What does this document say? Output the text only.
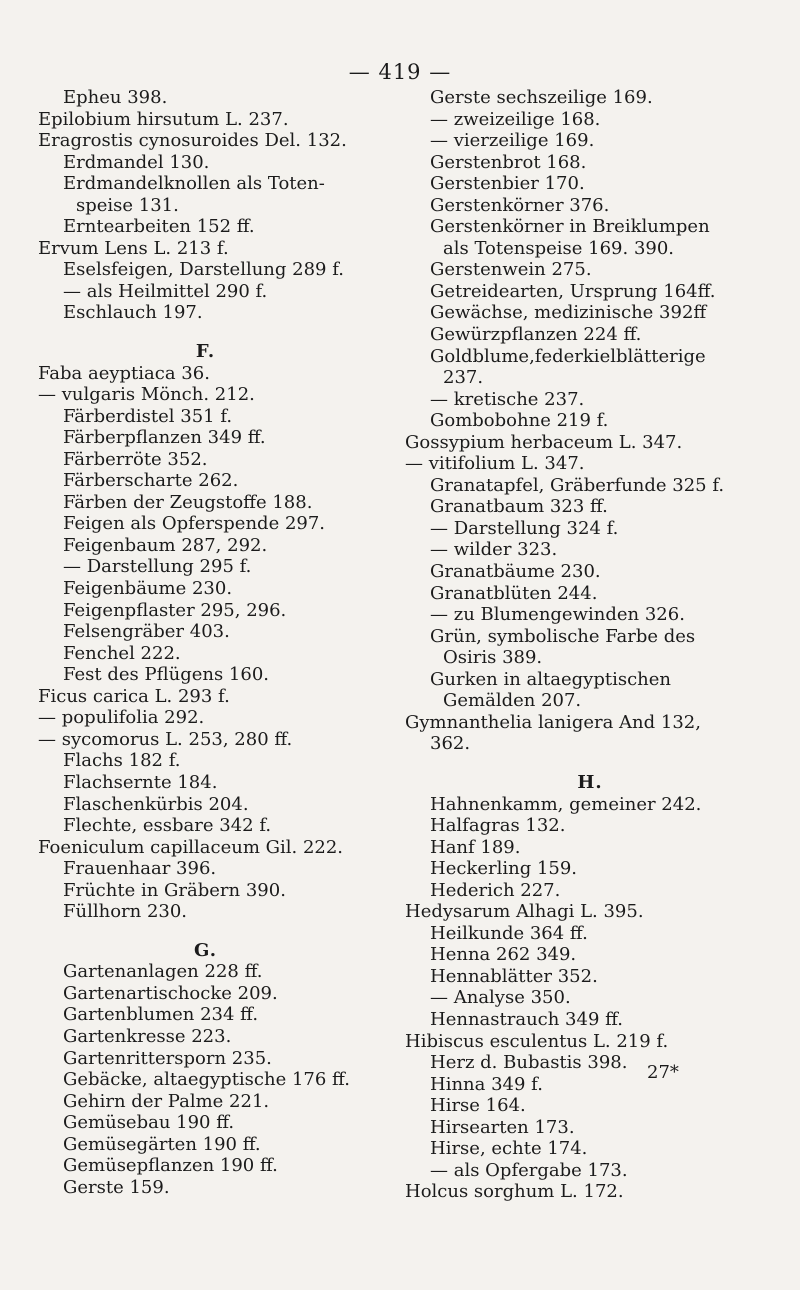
— 419 —
Epheu 398.
Epilobium hirsutum L. 237.
Eragrostis cynosuroides Del. 132.
Erdmandel 130.
Erdmandelknollen als Toten-
speise 131.
Erntearbeiten 152 ff.
Ervum Lens L. 213 f.
Eselsfeigen, Darstellung 289 f.
— als Heilmittel 290 f.
Eschlauch 197.
F.
Faba aeyptiaca 36.
— vulgaris Mönch. 212.
Färberdistel 351 f.
Färberpflanzen 349 ff.
Färberröte 352.
Färberscharte 262.
Färben der Zeugstoffe 188.
Feigen als Opferspende 297.
Feigenbaum 287, 292.
— Darstellung 295 f.
Feigenbäume 230.
Feigenpflaster 295, 296.
Felsengräber 403.
Fenchel 222.
Fest des Pflügens 160.
Ficus carica L. 293 f.
— populifolia 292.
— sycomorus L. 253, 280 ff.
Flachs 182 f.
Flachsernte 184.
Flaschenkürbis 204.
Flechte, essbare 342 f.
Foeniculum capillaceum Gil. 222.
Frauenhaar 396.
Früchte in Gräbern 390.
Füllhorn 230.
G.
Gartenanlagen 228 ff.
Gartenartischocke 209.
Gartenblumen 234 ff.
Gartenkresse 223.
Gartenrittersporn 235.
Gebäcke, altaegyptische 176 ff.
Gehirn der Palme 221.
Gemüsebau 190 ff.
Gemüsegärten 190 ff.
Gemüsepflanzen 190 ff.
Gerste 159.
Gerste sechszeilige 169.
— zweizeilige 168.
— vierzeilige 169.
Gerstenbrot 168.
Gerstenbier 170.
Gerstenkörner 376.
Gerstenkörner in Breiklumpen
als Totenspeise 169. 390.
Gerstenwein 275.
Getreidearten, Ursprung 164ff.
Gewächse, medizinische 392ff
Gewürzpflanzen 224 ff.
Goldblume,federkielblätterige
237.
— kretische 237.
Gombobohne 219 f.
Gossypium herbaceum L. 347.
— vitifolium L. 347.
Granatapfel, Gräberfunde 325 f.
Granatbaum 323 ff.
— Darstellung 324 f.
— wilder 323.
Granatbäume 230.
Granatblüten 244.
— zu Blumengewinden 326.
Grün, symbolische Farbe des
Osiris 389.
Gurken in altaegyptischen
Gemälden 207.
Gymnanthelia lanigera And 132,
362.
H.
Hahnenkamm, gemeiner 242.
Halfagras 132.
Hanf 189.
Heckerling 159.
Hederich 227.
Hedysarum Alhagi L. 395.
Heilkunde 364 ff.
Henna 262 349.
Hennablätter 352.
— Analyse 350.
Hennastrauch 349 ff.
Hibiscus esculentus L. 219 f.
Herz d. Bubastis 398.
Hinna 349 f.
Hirse 164.
Hirsearten 173.
Hirse, echte 174.
— als Opfergabe 173.
Holcus sorghum L. 172.
27*
